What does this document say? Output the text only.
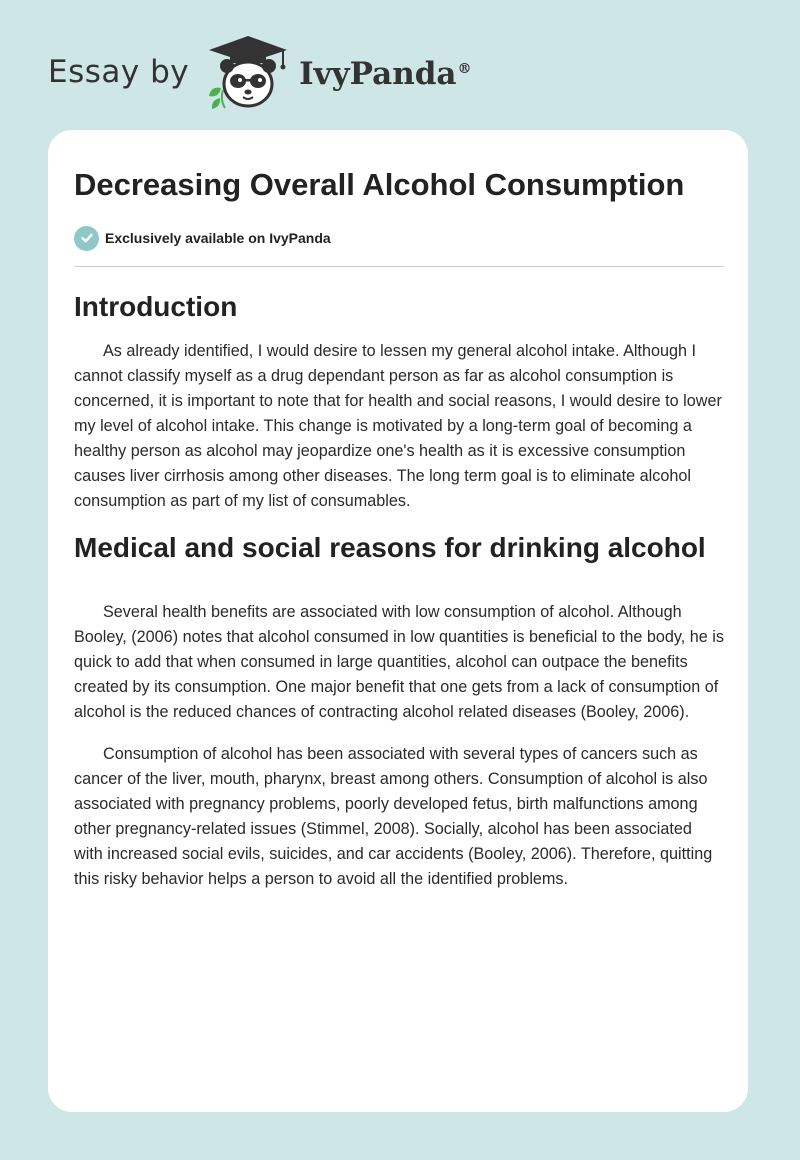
Essay by	IvyPanda®
Decreasing Overall Alcohol Consumption
Exclusively available on IvyPanda
Introduction

As already identified, I would desire to lessen my general alcohol intake. Although I cannot classify myself as a drug dependant person as far as alcohol consumption is concerned, it is important to note that for health and social reasons, I would desire to lower my level of alcohol intake. This change is motivated by a long-term goal of becoming a healthy person as alcohol may jeopardize one's health as it is excessive consumption causes liver cirrhosis among other diseases. The long term goal is to eliminate alcohol consumption as part of my list of consumables.

Medical and social reasons for drinking alcohol

Several health benefits are associated with low consumption of alcohol. Although Booley, (2006) notes that alcohol consumed in low quantities is beneficial to the body, he is quick to add that when consumed in large quantities, alcohol can outpace the benefits created by its consumption. One major benefit that one gets from a lack of consumption of alcohol is the reduced chances of contracting alcohol related diseases (Booley, 2006).

Consumption of alcohol has been associated with several types of cancers such as cancer of the liver, mouth, pharynx, breast among others. Consumption of alcohol is also associated with pregnancy problems, poorly developed fetus, birth malfunctions among other pregnancy-related issues (Stimmel, 2008). Socially, alcohol has been associated with increased social evils, suicides, and car accidents (Booley, 2006). Therefore, quitting this risky behavior helps a person to avoid all the identified problems.
